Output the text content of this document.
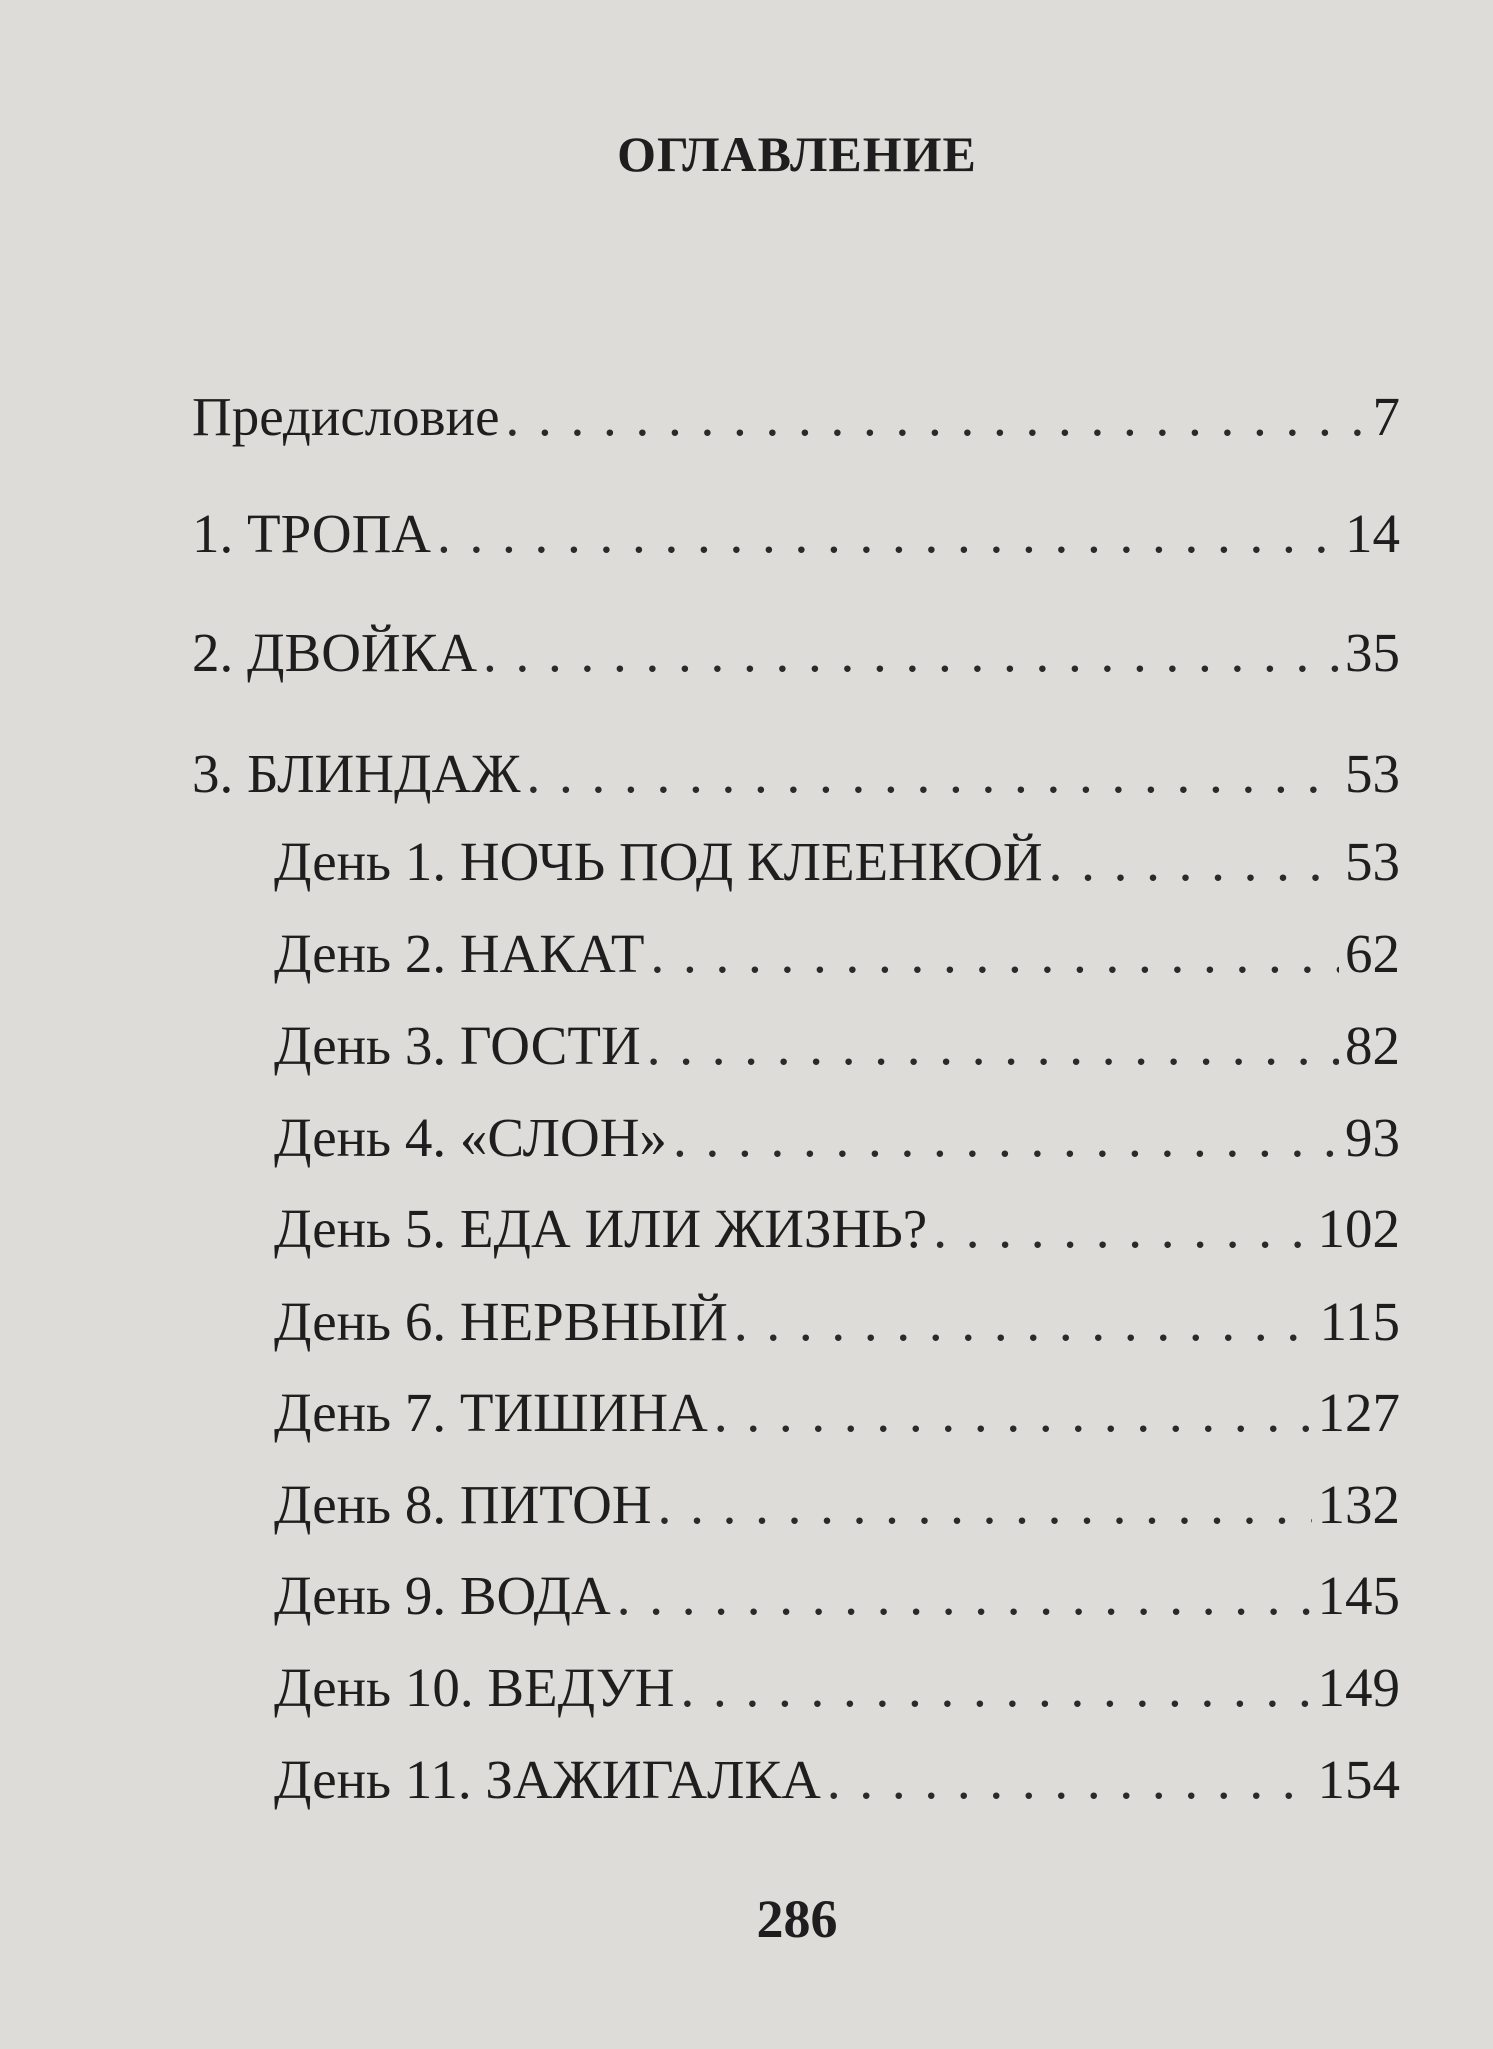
ОГЛАВЛЕНИЕ
Предисловие . . .	7
1. ТРОПА . . .	14
2. ДВОЙКА . . .	35
3. БЛИНДАЖ . . .	53
День 1. НОЧЬ ПОД КЛЕЕНКОЙ . . .	53
День 2. НАКАТ . . .	62
День 3. ГОСТИ . . .	82
День 4. «СЛОН» . . .	93
День 5. ЕДА ИЛИ ЖИЗНЬ? . . .	102
День 6. НЕРВНЫЙ . . .	115
День 7. ТИШИНА . . .	127
День 8. ПИТОН . . .	132
День 9. ВОДА . . .	145
День 10. ВЕДУН . . .	149
День 11. ЗАЖИГАЛКА . . .	154
286
